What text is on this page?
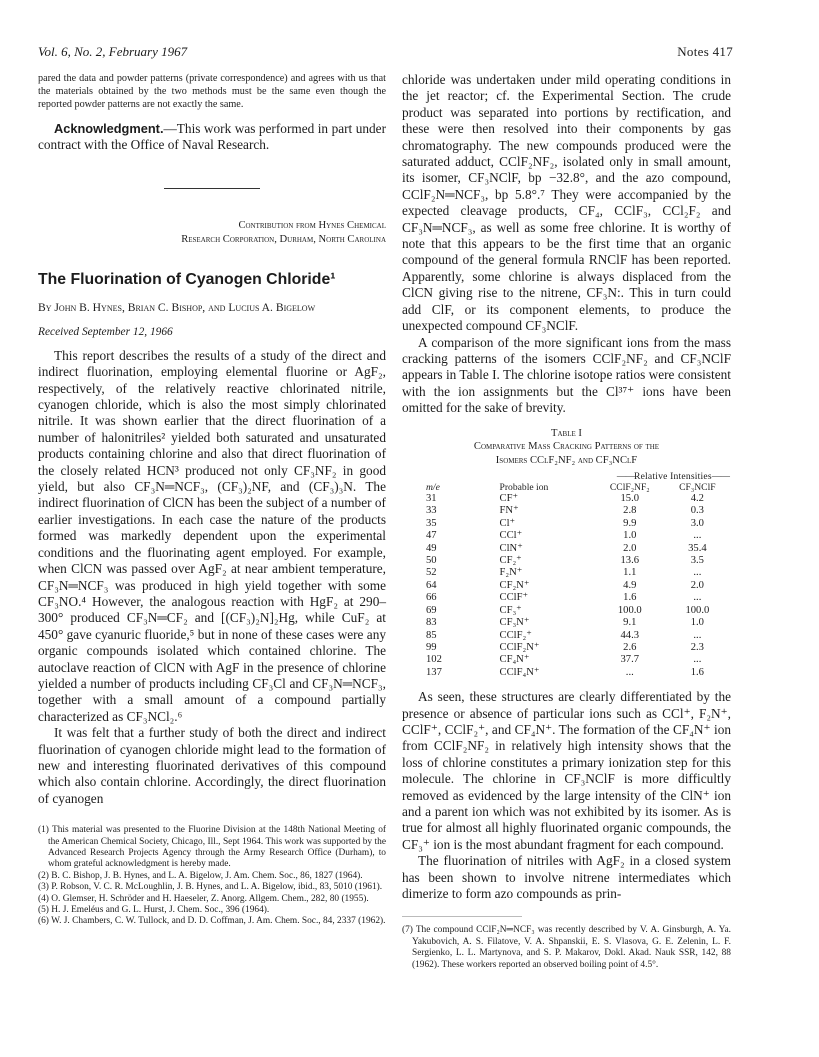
Vol. 6, No. 2, February 1967	Notes 417

pared the data and powder patterns (private correspondence) and agrees with us that the materials obtained by the two methods must be the same even though the reported powder patterns are not exactly the same.

Acknowledgment.—This work was performed in part under contract with the Office of Naval Research.

Contribution from Hynes Chemical
Research Corporation, Durham, North Carolina
The Fluorination of Cyanogen Chloride¹
By John B. Hynes, Brian C. Bishop, and Lucius A. Bigelow
Received September 12, 1966

This report describes the results of a study of the direct and indirect fluorination, employing elemental fluorine or AgF₂, respectively, of the relatively reactive chlorinated nitrile, cyanogen chloride, which is also the most simply chlorinated nitrile. It was shown earlier that the direct fluorination of a number of halonitriles² yielded both saturated and unsaturated products containing chlorine and also that direct fluorination of the closely related HCN³ produced not only CF₃NF₂ in good yield, but also CF₃N═NCF₃, (CF₃)₂NF, and (CF₃)₃N. The indirect fluorination of ClCN has been the subject of a number of earlier investigations. In each case the nature of the products formed was markedly dependent upon the experimental conditions and the fluorinating agent employed. For example, when ClCN was passed over AgF₂ at near ambient temperature, CF₃N═NCF₃ was produced in high yield together with some CF₃NO.⁴ However, the analogous reaction with HgF₂ at 290–300° produced CF₃N═CF₂ and [(CF₃)₂N]₂Hg, while CuF₂ at 450° gave cyanuric fluoride,⁵ but in none of these cases were any organic compounds isolated which contained chlorine. The autoclave reaction of ClCN with AgF in the presence of chlorine yielded a number of products including CF₃Cl and CF₃N═NCF₃, together with a small amount of a compound partially characterized as CF₃NCl₂.⁶

It was felt that a further study of both the direct and indirect fluorination of cyanogen chloride might lead to the formation of new and interesting fluorinated derivatives of this compound which also contain chlorine. Accordingly, the direct fluorination of cyanogen

(1) This material was presented to the Fluorine Division at the 148th National Meeting of the American Chemical Society, Chicago, Ill., Sept 1964. This work was supported by the Advanced Research Projects Agency through the Army Research Office (Durham), to whom grateful acknowledgment is hereby made.

(2) B. C. Bishop, J. B. Hynes, and L. A. Bigelow, J. Am. Chem. Soc., 86, 1827 (1964).

(3) P. Robson, V. C. R. McLoughlin, J. B. Hynes, and L. A. Bigelow, ibid., 83, 5010 (1961).

(4) O. Glemser, H. Schröder and H. Haeseler, Z. Anorg. Allgem. Chem., 282, 80 (1955).

(5) H. J. Emeléus and G. L. Hurst, J. Chem. Soc., 396 (1964).

(6) W. J. Chambers, C. W. Tullock, and D. D. Coffman, J. Am. Chem. Soc., 84, 2337 (1962).

chloride was undertaken under mild operating conditions in the jet reactor; cf. the Experimental Section. The crude product was separated into portions by rectification, and these were then resolved into their components by gas chromatography. The new compounds produced were the saturated adduct, CClF₂NF₂, isolated only in small amount, its isomer, CF₃NClF, bp −32.8°, and the azo compound, CClF₂N═NCF₃, bp 5.8°.⁷ They were accompanied by the expected cleavage products, CF₄, CClF₃, CCl₂F₂ and CF₃N═NCF₃, as well as some free chlorine. It is worthy of note that this appears to be the first time that an organic compound of the general formula RNClF has been reported. Apparently, some chlorine is always displaced from the ClCN giving rise to the nitrene, CF₃N:. This in turn could add ClF, or its component elements, to produce the unexpected compound CF₃NClF.

A comparison of the more significant ions from the mass cracking patterns of the isomers CClF₂NF₂ and CF₃NClF appears in Table I. The chlorine isotope ratios were consistent with the ion assignments but the Cl³⁷⁺ ions have been omitted for the sake of brevity.

Table I
Comparative Mass Cracking Patterns of the
Isomers CClF₂NF₂ and CF₃NClF
		——Relative Intensities——	
m/e	Probable ion	CClF₂NF₂	CF₃NClF
31	CF⁺	15.0	4.2
33	FN⁺	2.8	0.3
35	Cl⁺	9.9	3.0
47	CCl⁺	1.0	...
49	ClN⁺	2.0	35.4
50	CF₂⁺	13.6	3.5
52	F₂N⁺	1.1	...
64	CF₂N⁺	4.9	2.0
66	CClF⁺	1.6	...
69	CF₃⁺	100.0	100.0
83	CF₃N⁺	9.1	1.0
85	CClF₂⁺	44.3	...
99	CClF₂N⁺	2.6	2.3
102	CF₄N⁺	37.7	...
137	CClF₄N⁺	...	1.6

As seen, these structures are clearly differentiated by the presence or absence of particular ions such as CCl⁺, F₂N⁺, CClF⁺, CClF₂⁺, and CF₄N⁺. The formation of the CF₄N⁺ ion from CClF₂NF₂ in relatively high intensity shows that the loss of chlorine constitutes a primary ionization step for this molecule. The chlorine in CF₃NClF is more difficultly removed as evidenced by the large intensity of the ClN⁺ ion and a parent ion which was not exhibited by its isomer. As is true for almost all highly fluorinated organic compounds, the CF₃⁺ ion is the most abundant fragment for each compound.

The fluorination of nitriles with AgF₂ in a closed system has been shown to involve nitrene intermediates which dimerize to form azo compounds as prin-

(7) The compound CClF₂N═NCF₃ was recently described by V. A. Ginsburgh, A. Ya. Yakubovich, A. S. Filatove, V. A. Shpanskii, E. S. Vlasova, G. E. Zelenin, L. F. Sergienko, L. L. Martynova, and S. P. Makarov, Dokl. Akad. Nauk SSR, 142, 88 (1962). These workers reported an observed boiling point of 4.5°.
